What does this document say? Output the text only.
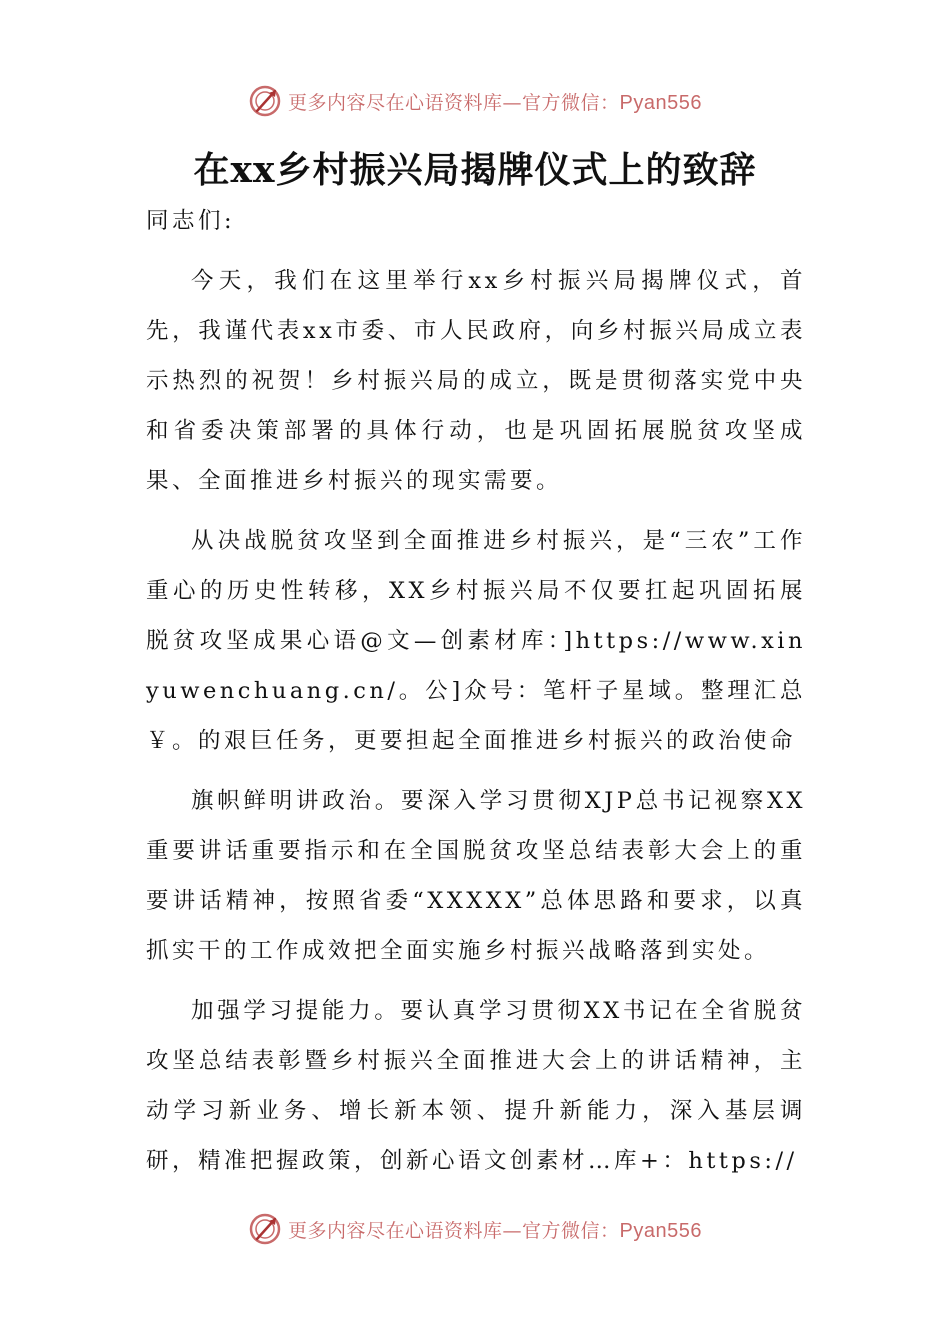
更多内容尽在心语资料库—官方微信：Pyan556
在xx乡村振兴局揭牌仪式上的致辞
同志们:

今天，我们在这里举行xx乡村振兴局揭牌仪式，首先，我谨代表xx市委、市人民政府，向乡村振兴局成立表示热烈的祝贺！乡村振兴局的成立，既是贯彻落实党中央和省委决策部署的具体行动，也是巩固拓展脱贫攻坚成果、全面推进乡村振兴的现实需要。

从决战脱贫攻坚到全面推进乡村振兴，是“三农”工作重心的历史性转移，XX乡村振兴局不仅要扛起巩固拓展脱贫攻坚成果心语@文—创素材库：]https://www.xinyuwenchuang.cn/。公]众号：笔杆子星域。整理汇总￥。的艰巨任务，更要担起全面推进乡村振兴的政治使命

旗帜鲜明讲政治。要深入学习贯彻XJP总书记视察XX重要讲话重要指示和在全国脱贫攻坚总结表彰大会上的重要讲话精神，按照省委“XXXXX”总体思路和要求，以真抓实干的工作成效把全面实施乡村振兴战略落到实处。

加强学习提能力。要认真学习贯彻XX书记在全省脱贫攻坚总结表彰暨乡村振兴全面推进大会上的讲话精神，主动学习新业务、增长新本领、提升新能力，深入基层调研，精准把握政策，创新心语文创素材…库+：https://

更多内容尽在心语资料库—官方微信：Pyan556
